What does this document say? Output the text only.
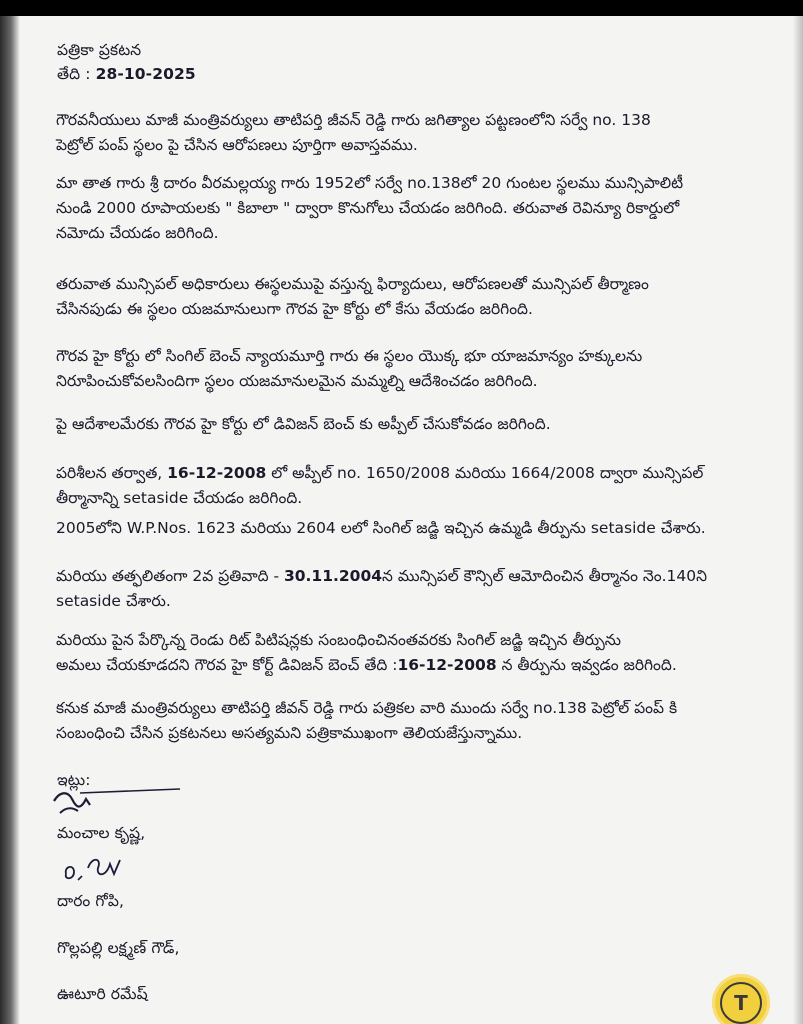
పత్రికా ప్రకటన
తేది : 28-10-2025
గౌరవనీయులు మాజీ మంత్రివర్యులు తాటిపర్తి జీవన్ రెడ్డి గారు జగిత్యాల పట్టణంలోని సర్వే no. 138
పెట్రోల్ పంప్ స్థలం పై చేసిన ఆరోపణలు పూర్తిగా అవాస్తవము.
మా తాత గారు శ్రీ దారం వీరమల్లయ్య గారు 1952లో సర్వే no.138లో 20 గుంటల స్థలము మున్సిపాలిటీ
నుండి 2000 రూపాయలకు " కిబాలా " ద్వారా కొనుగోలు చేయడం జరిగింది. తరువాత రెవిన్యూ రికార్డులో
నమోదు చేయడం జరిగింది.
తరువాత మున్సిపల్ అధికారులు ఈస్థలముపై వస్తున్న ఫిర్యాదులు, ఆరోపణలతో మున్సిపల్ తీర్మాణం
చేసినపుడు ఈ స్థలం యజమానులుగా గౌరవ హై కోర్టు లో కేసు వేయడం జరిగింది.
గౌరవ హై కోర్టు లో సింగిల్ బెంచ్ న్యాయమూర్తి గారు ఈ స్థలం యొక్క భూ యాజమాన్యం హక్కులను
నిరూపించుకోవలసిందిగా స్థలం యజమానులమైన మమ్మల్ని ఆదేశించడం జరిగింది.
పై ఆదేశాలమేరకు గౌరవ హై కోర్టు లో డివిజన్ బెంచ్ కు అప్పీల్ చేసుకోవడం జరిగింది.
పరిశీలన తర్వాత, 16-12-2008 లో అప్పీల్ no. 1650/2008 మరియు 1664/2008 ద్వారా మున్సిపల్
తీర్మానాన్ని setaside చేయడం జరిగింది.
2005లోని W.P.Nos. 1623 మరియు 2604 లలో సింగిల్ జడ్జి ఇచ్చిన ఉమ్మడి తీర్పును setaside చేశారు.
మరియు తత్ఫలితంగా 2వ ప్రతివాది - 30.11.2004న మున్సిపల్ కౌన్సిల్ ఆమోదించిన తీర్మానం నెం.140ని
setaside చేశారు.
మరియు పైన పేర్కొన్న రెండు రిట్ పిటిషన్లకు సంబంధించినంతవరకు సింగిల్ జడ్జి ఇచ్చిన తీర్పును
అమలు చేయకూడదని గౌరవ హై కోర్ట్ డివిజన్ బెంచ్ తేది :16-12-2008 న తీర్పును ఇవ్వడం జరిగింది.
కనుక మాజీ మంత్రివర్యులు తాటిపర్తి జీవన్ రెడ్డి గారు పత్రికల వారి ముందు సర్వే no.138 పెట్రోల్ పంప్ కి
సంబంధించి చేసిన ప్రకటనలు అసత్యమని పత్రికాముఖంగా తెలియజేస్తున్నాము.
ఇట్లు:
మంచాల కృష్ణ,
దారం గోపి,
గొల్లపల్లి లక్ష్మణ్ గౌడ్,
ఊటూరి రమేష్	T
